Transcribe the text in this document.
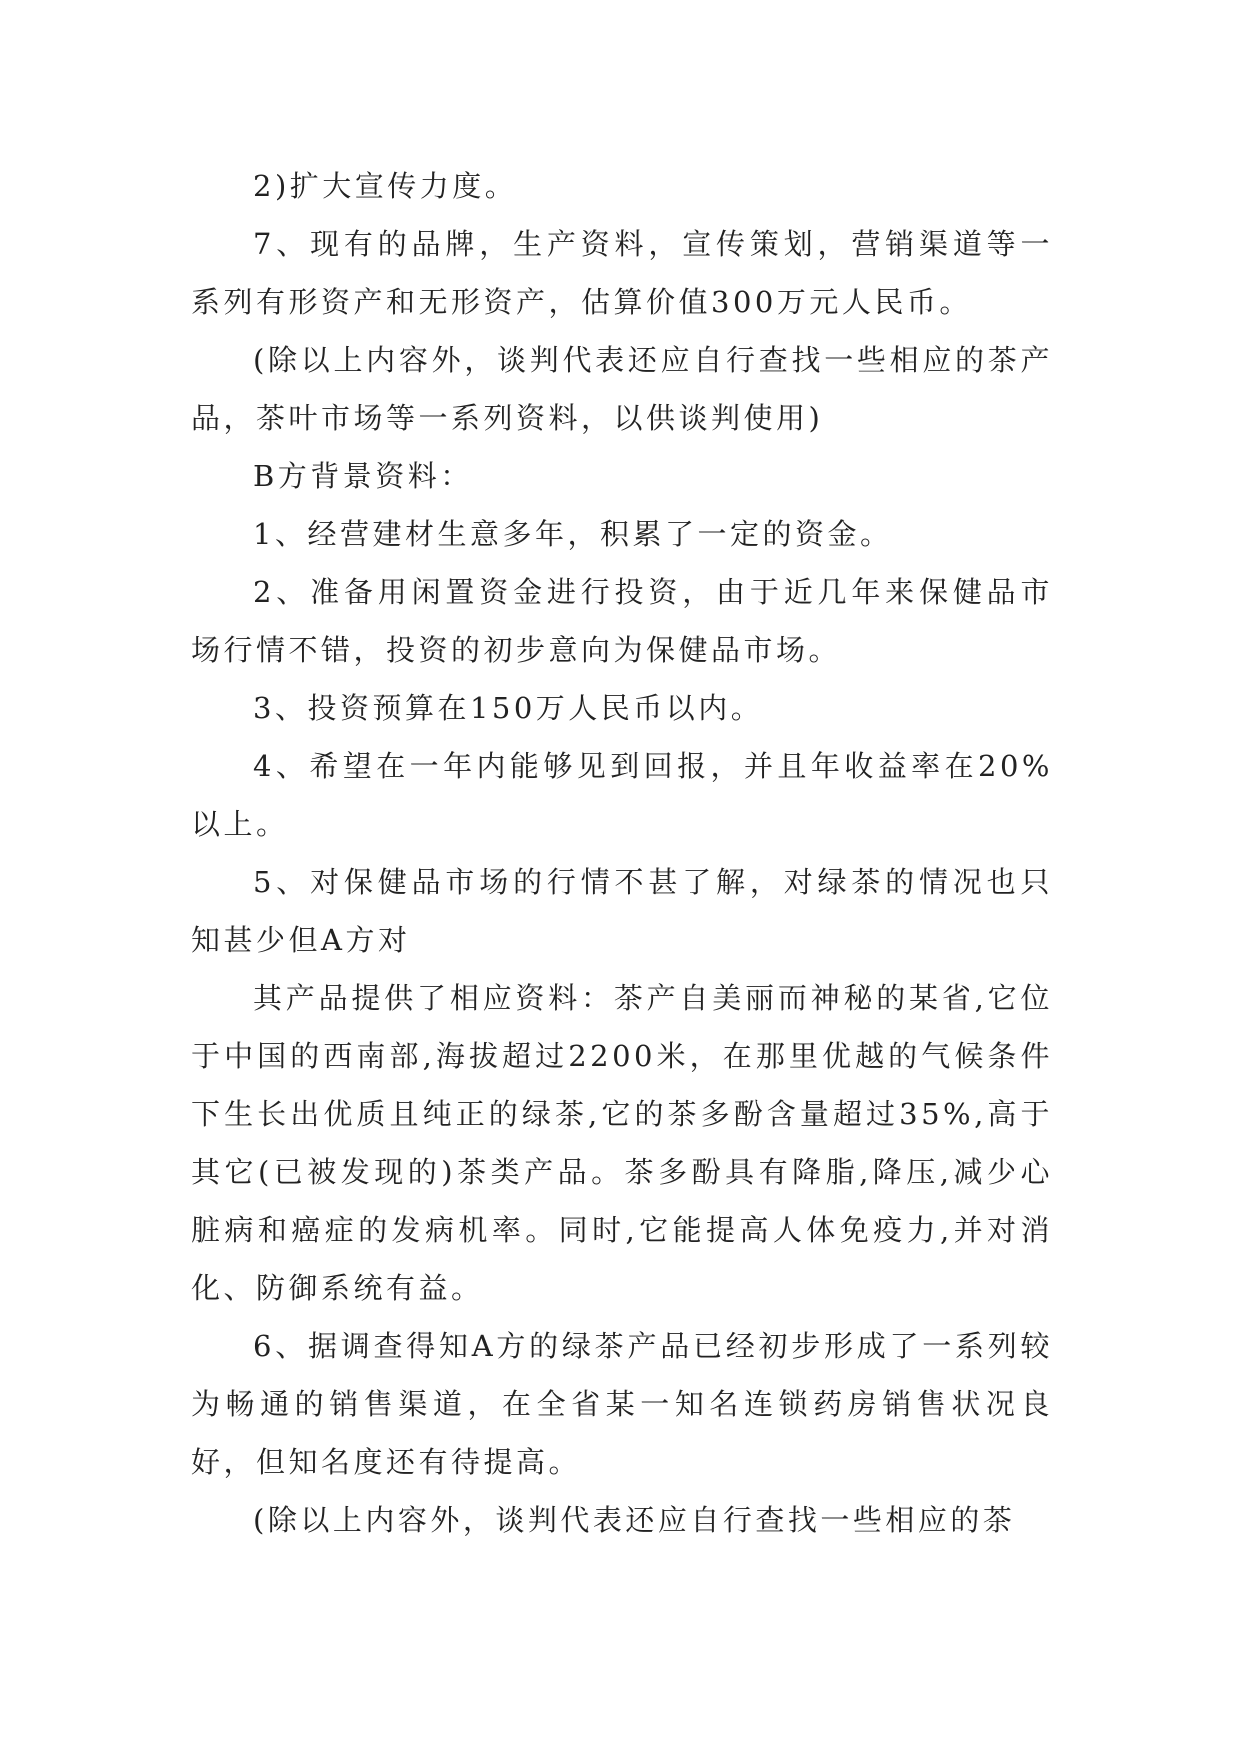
2)扩大宣传力度。

7、现有的品牌，生产资料，宣传策划，营销渠道等一系列有形资产和无形资产，估算价值300万元人民币。

(除以上内容外，谈判代表还应自行查找一些相应的茶产品，茶叶市场等一系列资料，以供谈判使用)

B方背景资料：

1、经营建材生意多年，积累了一定的资金。

2、准备用闲置资金进行投资，由于近几年来保健品市场行情不错，投资的初步意向为保健品市场。

3、投资预算在150万人民币以内。

4、希望在一年内能够见到回报，并且年收益率在20%以上。

5、对保健品市场的行情不甚了解，对绿茶的情况也只知甚少但A方对

其产品提供了相应资料：茶产自美丽而神秘的某省,它位于中国的西南部,海拔超过2200米，在那里优越的气候条件下生长出优质且纯正的绿茶,它的茶多酚含量超过35%,高于其它(已被发现的)茶类产品。茶多酚具有降脂,降压,减少心脏病和癌症的发病机率。同时,它能提高人体免疫力,并对消化、防御系统有益。

6、据调查得知A方的绿茶产品已经初步形成了一系列较为畅通的销售渠道，在全省某一知名连锁药房销售状况良好，但知名度还有待提高。

(除以上内容外，谈判代表还应自行查找一些相应的茶
